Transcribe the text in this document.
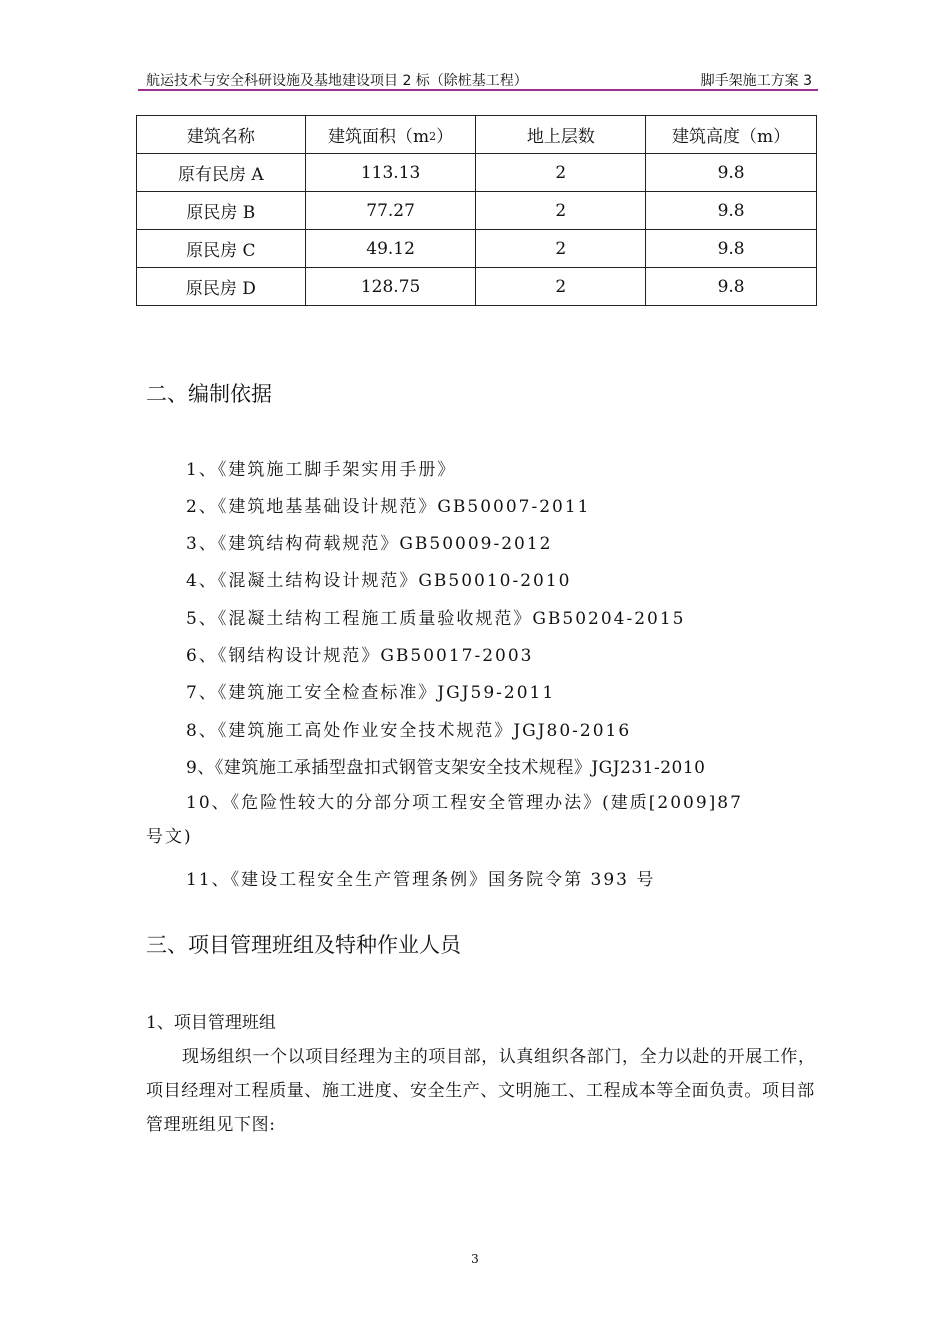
航运技术与安全科研设施及基地建设项目 2 标（除桩基工程）	脚手架施工方案 3
建筑名称	建筑面积（m2）	地上层数	建筑高度（m）
原有民房 A	113.13	2	9.8
原民房 B	77.27	2	9.8
原民房 C	49.12	2	9.8
原民房 D	128.75	2	9.8
二、编制依据
1、《建筑施工脚手架实用手册》
2、《建筑地基基础设计规范》GB50007-2011
3、《建筑结构荷载规范》GB50009-2012
4、《混凝土结构设计规范》GB50010-2010
5、《混凝土结构工程施工质量验收规范》GB50204-2015
6、《钢结构设计规范》GB50017-2003
7、《建筑施工安全检查标准》JGJ59-2011
8、《建筑施工高处作业安全技术规范》JGJ80-2016
9、《建筑施工承插型盘扣式钢管支架安全技术规程》JGJ231-2010
10、《危险性较大的分部分项工程安全管理办法》(建质[2009]87
号文)
11、《建设工程安全生产管理条例》国务院令第 393 号
三、项目管理班组及特种作业人员
1、项目管理班组
现场组织一个以项目经理为主的项目部，认真组织各部门，全力以赴的开展工作，项目经理对工程质量、施工进度、安全生产、文明施工、工程成本等全面负责。项目部管理班组见下图:
3
